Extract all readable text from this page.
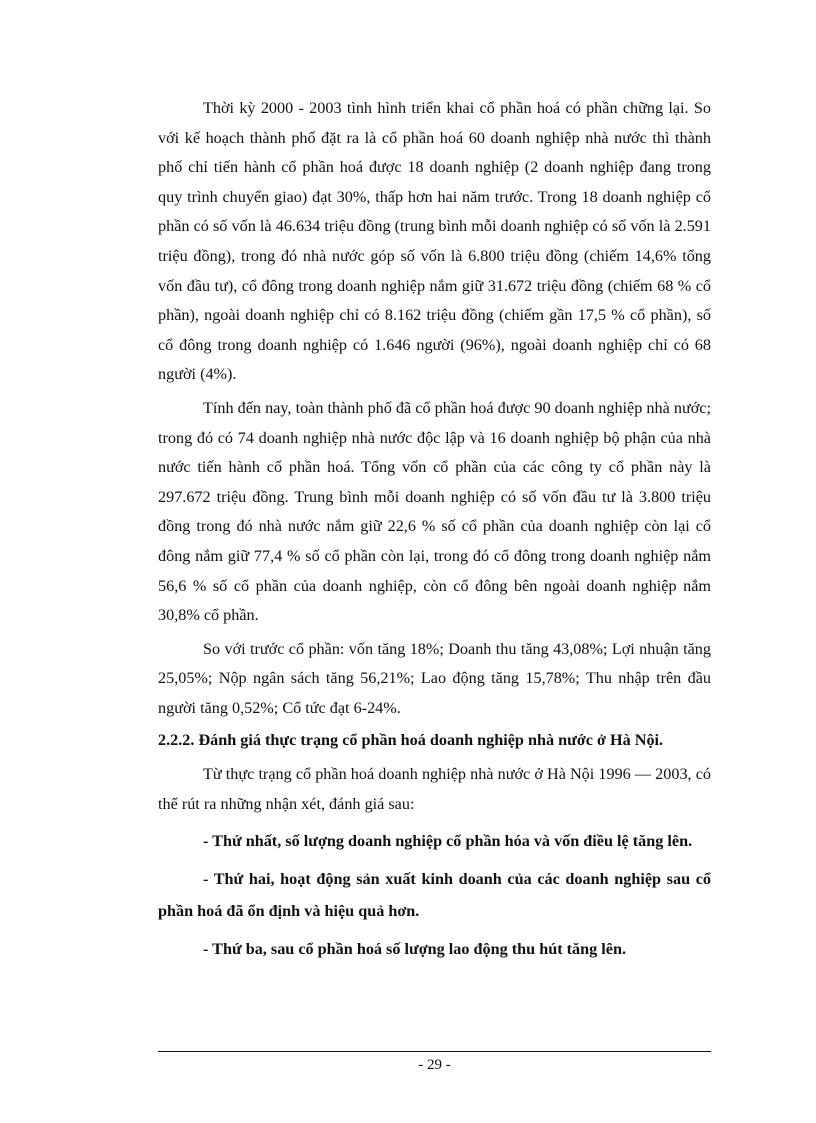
Thời kỳ 2000 - 2003 tình hình triển khai cổ phần hoá có phần chững lại. So với kế hoạch thành phố đặt ra là cổ phần hoá 60 doanh nghiệp nhà nước thì thành phố chỉ tiến hành cổ phần hoá được 18 doanh nghiệp (2 doanh nghiệp đang trong quy trình chuyển giao) đạt 30%, thấp hơn hai năm trước. Trong 18 doanh nghiệp cổ phần có số vốn là 46.634 triệu đồng (trung bình mỗi doanh nghiệp có số vốn là 2.591 triệu đồng), trong đó nhà nước góp số vốn là 6.800 triệu đồng (chiếm 14,6% tổng vốn đầu tư), cổ đông trong doanh nghiệp nắm giữ 31.672 triệu đồng (chiếm 68 % cổ phần), ngoài doanh nghiệp chỉ có 8.162 triệu đồng (chiếm gần 17,5 % cổ phần), số cổ đông trong doanh nghiệp có 1.646 người (96%), ngoài doanh nghiệp chỉ có 68 người (4%).

Tính đến nay, toàn thành phố đã cổ phần hoá được 90 doanh nghiệp nhà nước; trong đó có 74 doanh nghiệp nhà nước độc lập và 16 doanh nghiệp bộ phận của nhà nước tiến hành cổ phần hoá. Tổng vốn cổ phần của các công ty cổ phần này là 297.672 triệu đồng. Trung bình mỗi doanh nghiệp có số vốn đầu tư là 3.800 triệu đồng trong đó nhà nước nắm giữ 22,6 % số cổ phần của doanh nghiệp còn lại cổ đông nắm giữ 77,4 % số cổ phần còn lại, trong đó cổ đông trong doanh nghiệp nắm 56,6 % số cổ phần của doanh nghiệp, còn cổ đông bên ngoài doanh nghiệp nắm 30,8% cổ phần.

So với trước cổ phần: vốn tăng 18%; Doanh thu tăng 43,08%; Lợi nhuận tăng 25,05%; Nộp ngân sách tăng 56,21%; Lao động tăng 15,78%; Thu nhập trên đầu người tăng 0,52%; Cổ tức đạt 6-24%.

2.2.2. Đánh giá thực trạng cổ phần hoá doanh nghiệp nhà nước ở Hà Nội.

Từ thực trạng cổ phần hoá doanh nghiệp nhà nước ở Hà Nội 1996 — 2003, có thể rút ra những nhận xét, đánh giá sau:

- Thứ nhất, số lượng doanh nghiệp cổ phần hóa và vốn điều lệ tăng lên.

- Thứ hai, hoạt động sản xuất kinh doanh của các doanh nghiệp sau cổ phần hoá đã ổn định và hiệu quả hơn.

- Thứ ba, sau cổ phần hoá số lượng lao động thu hút tăng lên.

- 29 -
